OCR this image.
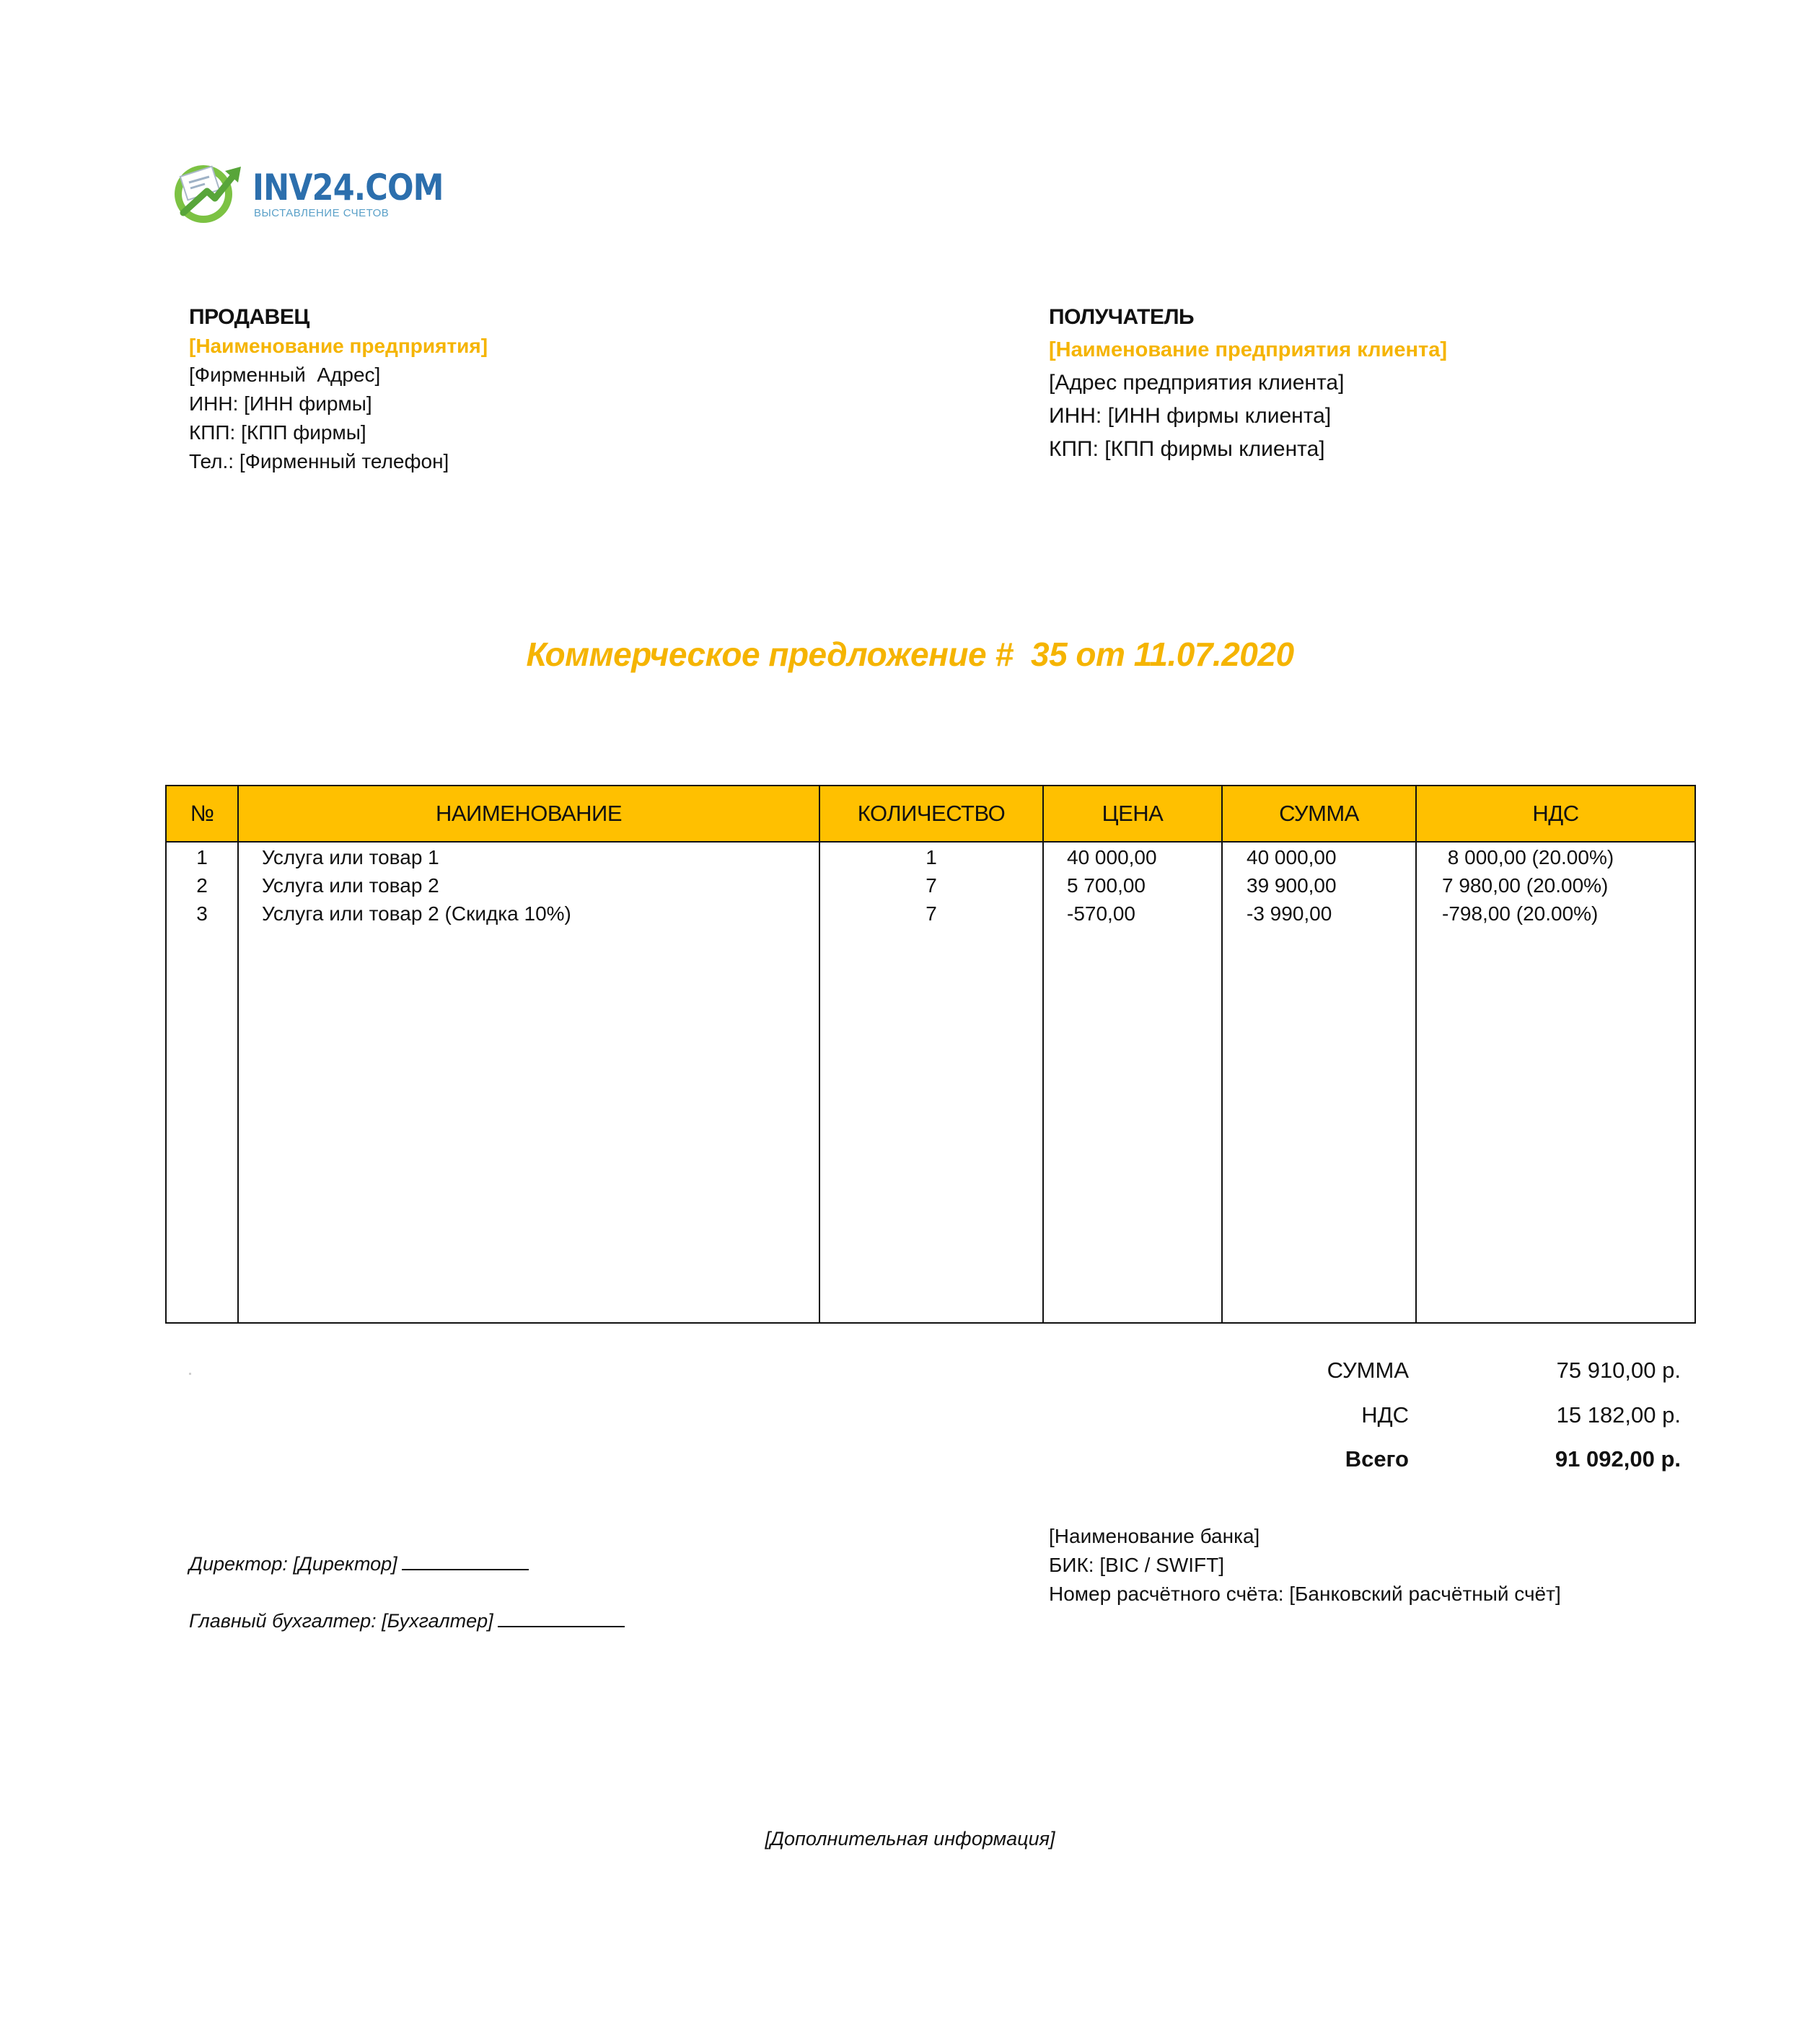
INV24.COM
ВЫСТАВЛЕНИЕ СЧЕТОВ
ПРОДАВЕЦ
[Наименование предприятия]
[Фирменный  Адрес]
ИНН: [ИНН фирмы]
КПП: [КПП фирмы]
Тел.: [Фирменный телефон]
ПОЛУЧАТЕЛЬ
[Наименование предприятия клиента]
[Адрес предприятия клиента]
ИНН: [ИНН фирмы клиента]
КПП: [КПП фирмы клиента]
Коммерческое предложение #  35 от 11.07.2020
№	НАИМЕНОВАНИЕ	КОЛИЧЕСТВО	ЦЕНА	СУММА	НДС
1	Услуга или товар 1	1	40 000,00	40 000,00	8 000,00 (20.00%)
2	Услуга или товар 2	7	5 700,00	39 900,00	7 980,00 (20.00%)
3	Услуга или товар 2 (Скидка 10%)	7	-570,00	-3 990,00	-798,00 (20.00%)
СУММА	75 910,00 р.
НДС	15 182,00 р.
Всего	91 092,00 р.
Директор: [Директор]
Главный бухгалтер: [Бухгалтер]
[Наименование банка]
БИК: [BIC / SWIFT]
Номер расчётного счёта: [Банковский расчётный счёт]
[Дополнительная информация]
